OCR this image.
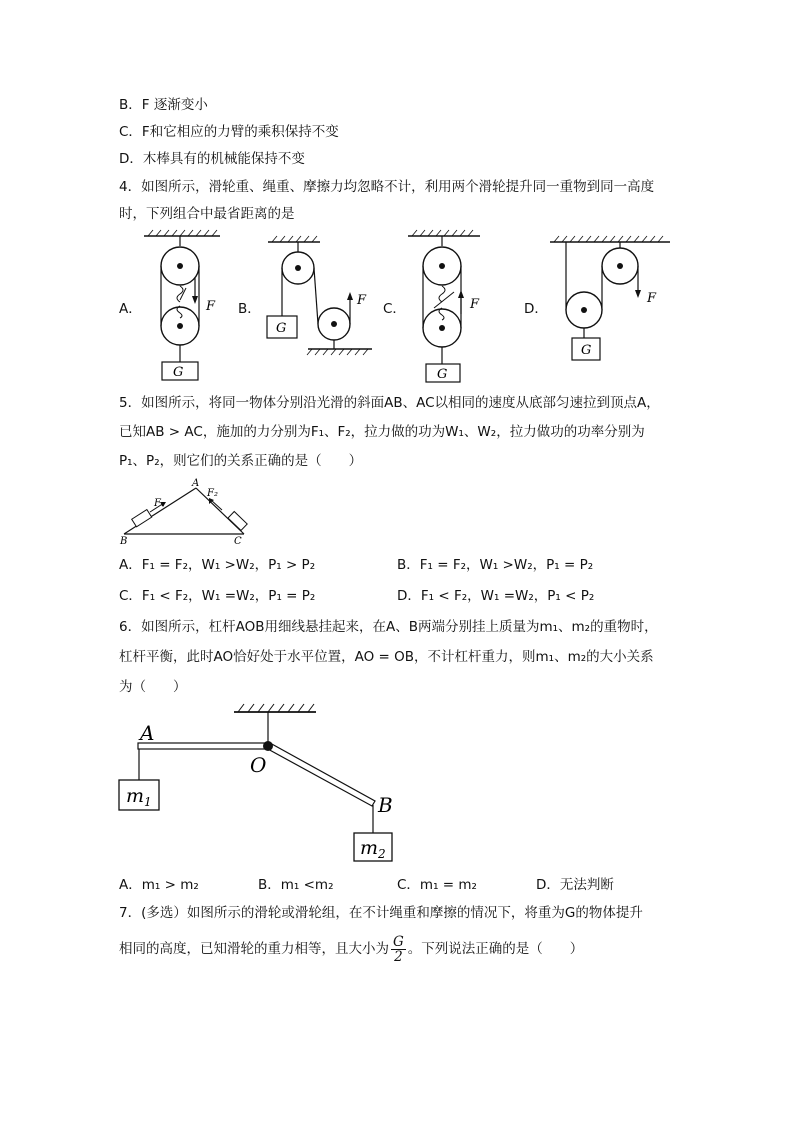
B．F 逐渐变小
C．F和它相应的力臂的乘积保持不变
D．木棒具有的机械能保持不变
4．如图所示，滑轮重、绳重、摩擦力均忽略不计，利用两个滑轮提升同一重物到同一高度
时，下列组合中最省距离的是
A．	B．	C．	D．
F
G
G
F	F
G
F
G
5．如图所示，将同一物体分别沿光滑的斜面AB、AC以相同的速度从底部匀速拉到顶点A，
已知AB > AC，施加的力分别为F₁、F₂，拉力做的功为W₁、W₂，拉力做功的功率分别为
P₁、P₂，则它们的关系正确的是（　　）
F₁
F₂
A
B	C
A．F₁ = F₂，W₁ >W₂，P₁ > P₂	B．F₁ = F₂，W₁ >W₂，P₁ = P₂
C．F₁ < F₂，W₁ =W₂，P₁ = P₂	D．F₁ < F₂，W₁ =W₂，P₁ < P₂
6．如图所示，杠杆AOB用细线悬挂起来，在A、B两端分别挂上质量为m₁、m₂的重物时，
杠杆平衡，此时AO恰好处于水平位置，AO = OB，不计杠杆重力，则m₁、m₂的大小关系
为（　　）
A
O
B
$m_1$
$m_2$
A．m₁ > m₂	B．m₁ <m₂	C．m₁ = m₂	D．无法判断
7．(多选）如图所示的滑轮或滑轮组，在不计绳重和摩擦的情况下，将重为G的物体提升
相同的高度，已知滑轮的重力相等，且大小为 $\frac{G}{2}$ 。下列说法正确的是（　　）
